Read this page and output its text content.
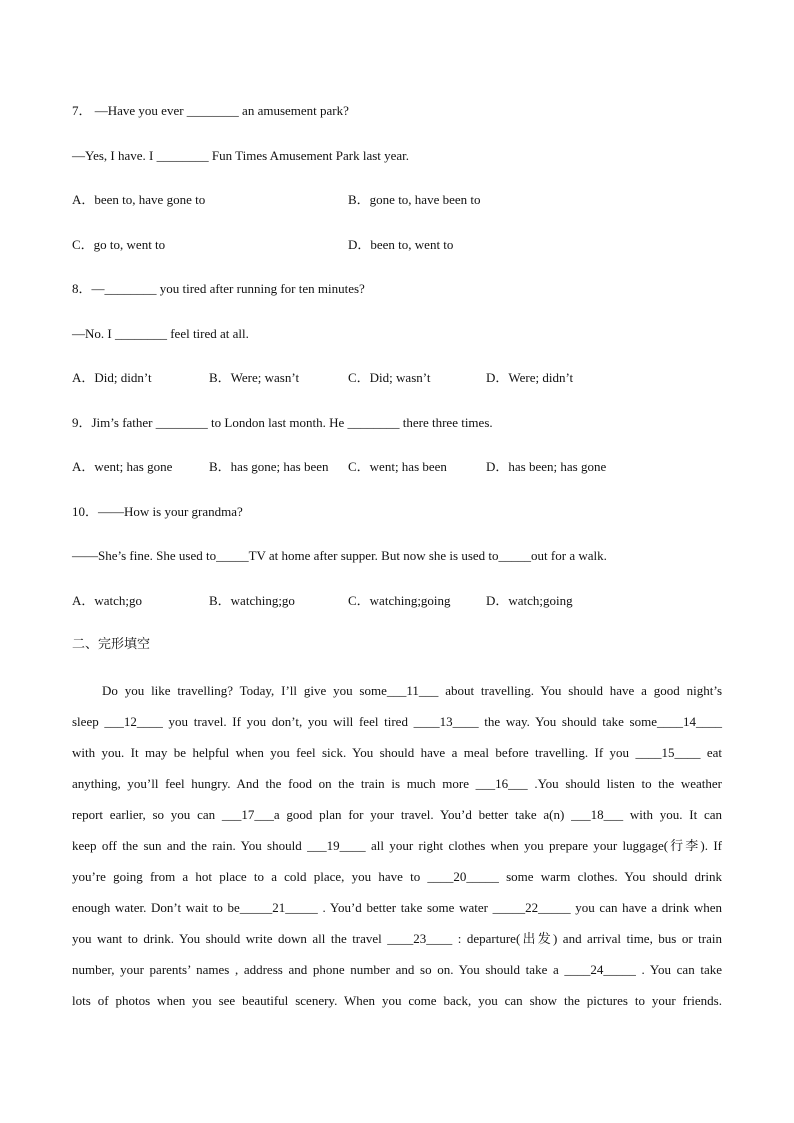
7． —Have you ever ________ an amusement park?
—Yes, I have. I ________ Fun Times Amusement Park last year.
A．been to, have gone to	B．gone to, have been to
C．go to, went to	D．been to, went to
8．—________ you tired after running for ten minutes?
—No. I ________ feel tired at all.
A．Did; didn’t	B．Were; wasn’t	C．Did; wasn’t	D．Were; didn’t
9．Jim’s father ________ to London last month. He ________ there three times.
A．went; has gone	B．has gone; has been C．went; has been	D．has been; has gone
10．——How is your grandma?
——She’s fine. She used to_____TV at home after supper. But now she is used to_____out for a walk.
A．watch;go	B．watching;go	C．watching;going	D．watch;going
二、完形填空
Do you like travelling? Today, I’ll give you some___11___ about travelling. You should have a good night’s
sleep ___12____ you travel. If you don’t, you will feel tired ____13____ the way. You should take some____14____
with you. It may be helpful when you feel sick. You should have a meal before travelling. If you ____15____ eat
anything, you’ll feel hungry. And the food on the train is much more ___16___ .You should listen to the weather
report earlier, so you can ___17___a good plan for your travel. You’d better take a(n) ___18___ with you. It can
keep off the sun and the rain. You should ___19____ all your right clothes when you prepare your luggage(行李). If
you’re going from a hot place to a cold place, you have to ____20_____ some warm clothes. You should drink
enough water. Don’t wait to be_____21_____ . You’d better take some water _____22_____ you can have a drink when
you want to drink. You should write down all the travel ____23____ : departure(出发) and arrival time, bus or train
number, your parents’ names , address and phone number and so on. You should take a ____24_____ . You can take
lots of photos when you see beautiful scenery. When you come back, you can show the pictures to your friends.
